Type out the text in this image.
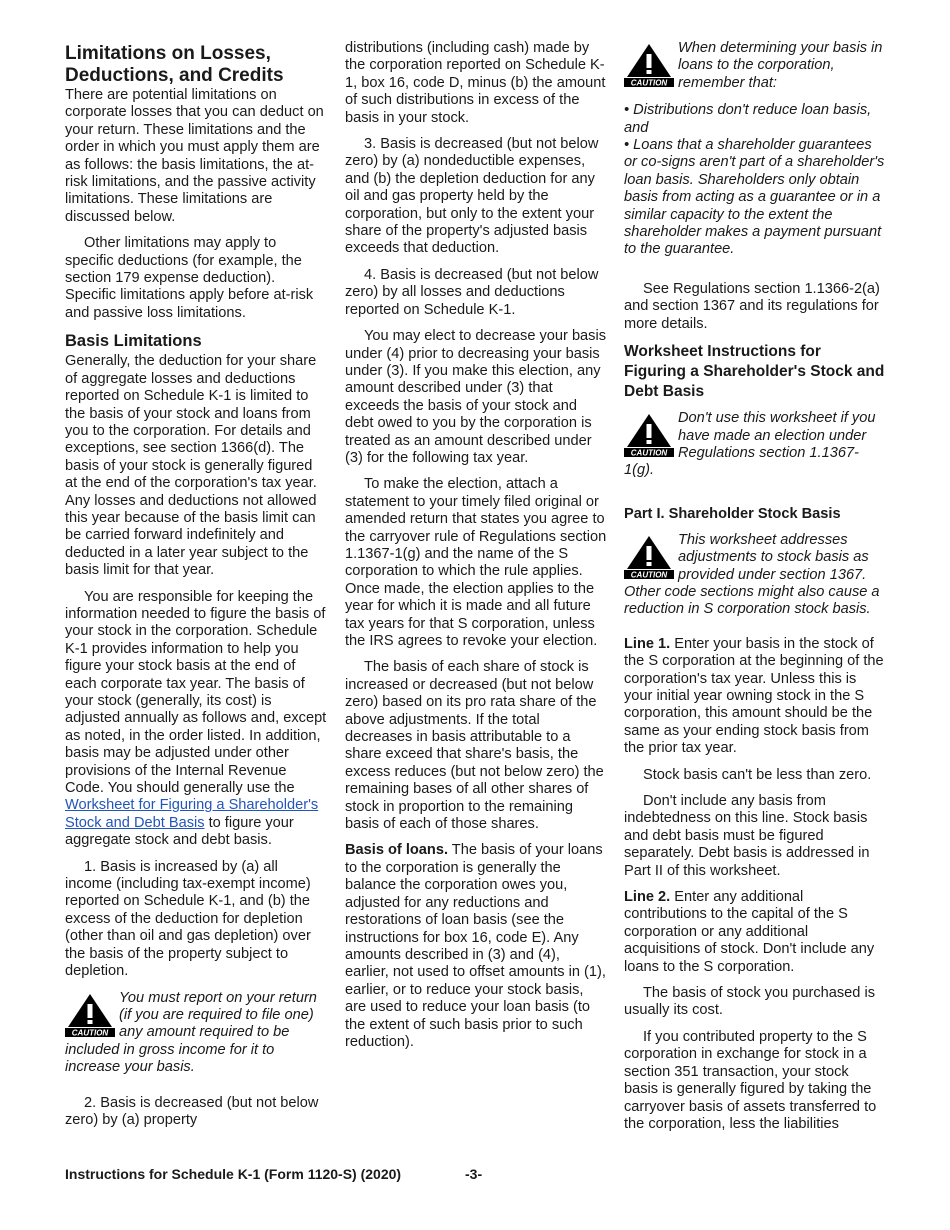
Limitations on Losses, Deductions, and Credits

There are potential limitations on corporate losses that you can deduct on your return. These limitations and the order in which you must apply them are as follows: the basis limitations, the at-risk limitations, and the passive activity limitations. These limitations are discussed below.

Other limitations may apply to specific deductions (for example, the section 179 expense deduction). Specific limitations apply before at-risk and passive loss limitations.

Basis Limitations

Generally, the deduction for your share of aggregate losses and deductions reported on Schedule K-1 is limited to the basis of your stock and loans from you to the corporation. For details and exceptions, see section 1366(d). The basis of your stock is generally figured at the end of the corporation's tax year. Any losses and deductions not allowed this year because of the basis limit can be carried forward indefinitely and deducted in a later year subject to the basis limit for that year.

You are responsible for keeping the information needed to figure the basis of your stock in the corporation. Schedule K-1 provides information to help you figure your stock basis at the end of each corporate tax year. The basis of your stock (generally, its cost) is adjusted annually as follows and, except as noted, in the order listed. In addition, basis may be adjusted under other provisions of the Internal Revenue Code. You should generally use the Worksheet for Figuring a Shareholder's Stock and Debt Basis to figure your aggregate stock and debt basis.

1. Basis is increased by (a) all income (including tax-exempt income) reported on Schedule K-1, and (b) the excess of the deduction for depletion (other than oil and gas depletion) over the basis of the property subject to depletion.

CAUTION
You must report on your return (if you are required to file one) any amount required to be included in gross income for it to increase your basis.

2. Basis is decreased (but not below zero) by (a) property

distributions (including cash) made by the corporation reported on Schedule K-1, box 16, code D, minus (b) the amount of such distributions in excess of the basis in your stock.

3. Basis is decreased (but not below zero) by (a) nondeductible expenses, and (b) the depletion deduction for any oil and gas property held by the corporation, but only to the extent your share of the property's adjusted basis exceeds that deduction.

4. Basis is decreased (but not below zero) by all losses and deductions reported on Schedule K-1.

You may elect to decrease your basis under (4) prior to decreasing your basis under (3). If you make this election, any amount described under (3) that exceeds the basis of your stock and debt owed to you by the corporation is treated as an amount described under (3) for the following tax year.

To make the election, attach a statement to your timely filed original or amended return that states you agree to the carryover rule of Regulations section 1.1367-1(g) and the name of the S corporation to which the rule applies. Once made, the election applies to the year for which it is made and all future tax years for that S corporation, unless the IRS agrees to revoke your election.

The basis of each share of stock is increased or decreased (but not below zero) based on its pro rata share of the above adjustments. If the total decreases in basis attributable to a share exceed that share's basis, the excess reduces (but not below zero) the remaining bases of all other shares of stock in proportion to the remaining basis of each of those shares.

Basis of loans. The basis of your loans to the corporation is generally the balance the corporation owes you, adjusted for any reductions and restorations of loan basis (see the instructions for box 16, code E). Any amounts described in (3) and (4), earlier, not used to offset amounts in (1), earlier, or to reduce your stock basis, are used to reduce your loan basis (to the extent of such basis prior to such reduction).

CAUTION
When determining your basis in loans to the corporation, remember that:

• Distributions don't reduce loan basis, and

• Loans that a shareholder guarantees or co-signs aren't part of a shareholder's loan basis. Shareholders only obtain basis from acting as a guarantee or in a similar capacity to the extent the shareholder makes a payment pursuant to the guarantee.

See Regulations section 1.1366-2(a) and section 1367 and its regulations for more details.

Worksheet Instructions for Figuring a Shareholder's Stock and Debt Basis
CAUTION
Don't use this worksheet if you have made an election under Regulations section 1.1367-1(g).
Part I. Shareholder Stock Basis
CAUTION
This worksheet addresses adjustments to stock basis as provided under section 1367. Other code sections might also cause a reduction in S corporation stock basis.

Line 1. Enter your basis in the stock of the S corporation at the beginning of the corporation's tax year. Unless this is your initial year owning stock in the S corporation, this amount should be the same as your ending stock basis from the prior tax year.

Stock basis can't be less than zero.

Don't include any basis from indebtedness on this line. Stock basis and debt basis must be figured separately. Debt basis is addressed in Part II of this worksheet.

Line 2. Enter any additional contributions to the capital of the S corporation or any additional acquisitions of stock. Don't include any loans to the S corporation.

The basis of stock you purchased is usually its cost.

If you contributed property to the S corporation in exchange for stock in a section 351 transaction, your stock basis is generally figured by taking the carryover basis of assets transferred to the corporation, less the liabilities

Instructions for Schedule K-1 (Form 1120-S) (2020)	-3-
